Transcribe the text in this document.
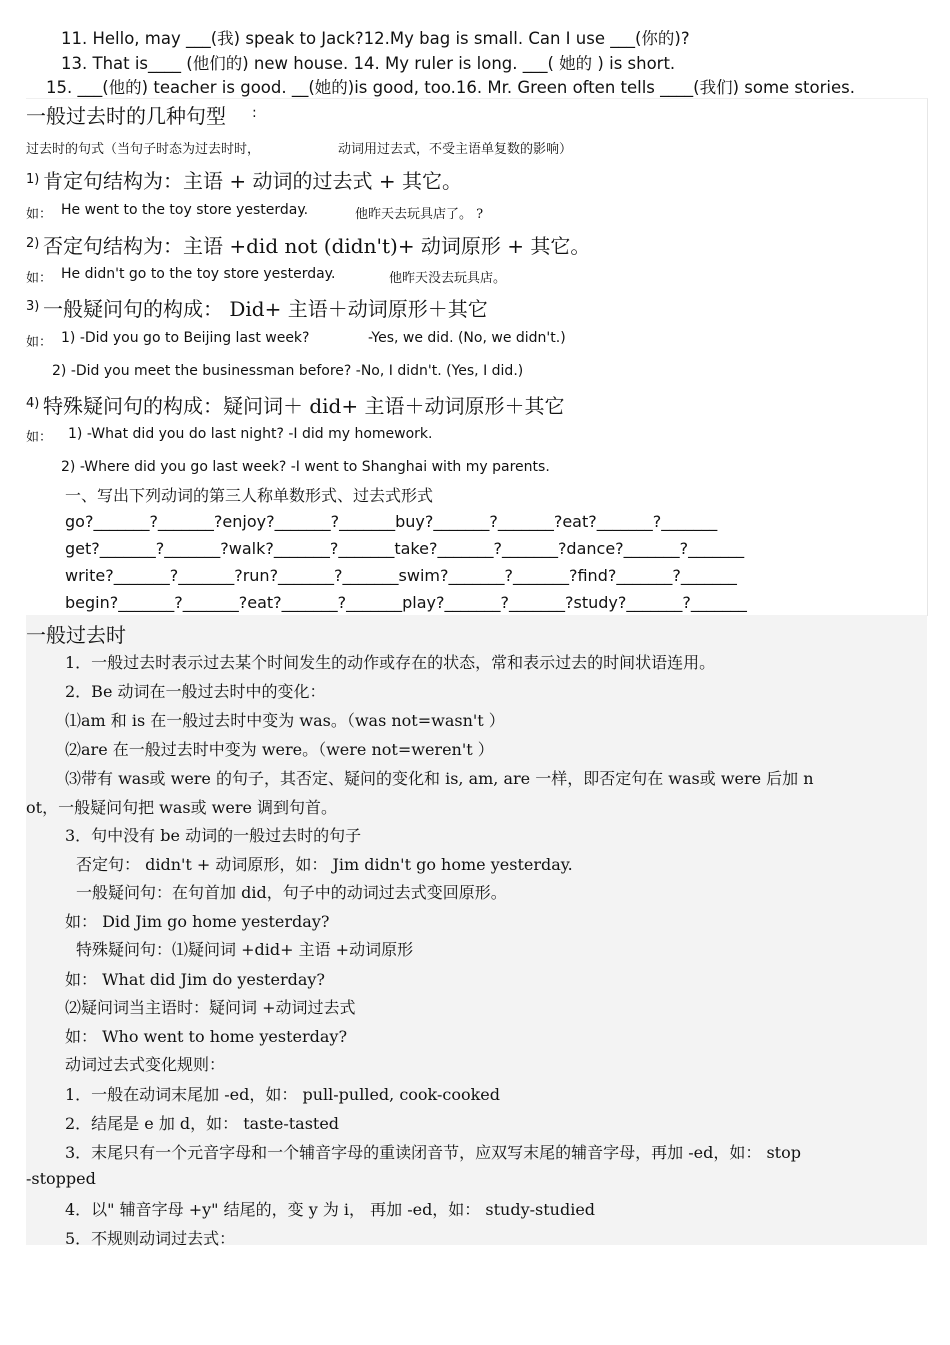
11. Hello, may ___(我) speak to Jack?12.My bag is small. Can I use ___(你的)?
13. That is____ (他们的) new house. 14. My ruler is long. ___( 她的 ) is short.
15. ___(他的) teacher is good. __(她的)is good, too.16. Mr. Green often tells ____(我们) some stories.
一般过去时的几种句型 :
过去时的句式（当句子时态为过去时时，	动词用过去式，不受主语单复数的影响）
1) 肯定句结构为：主语 + 动词的过去式 + 其它。
如： He went to the toy store yesterday.	他昨天去玩具店了。 ?
2) 否定句结构为：主语 +did not (didn't)+ 动词原形 + 其它。
如： He didn't go to the toy store yesterday.	他昨天没去玩具店。
3) 一般疑问句的构成： Did+ 主语＋动词原形＋其它
如： 1) -Did you go to Beijing last week?	-Yes, we did. (No, we didn't.)
2) -Did you meet the businessman before? -No, I didn't. (Yes, I did.)
4) 特殊疑问句的构成：疑问词＋ did+ 主语＋动词原形＋其它
如： 1) -What did you do last night? -I did my homework.
2) -Where did you go last week? -I went to Shanghai with my parents.
一、写出下列动词的第三人称单数形式、过去式形式
go?_______?_______?enjoy?_______?_______buy?_______?_______?eat?_______?_______
get?_______?_______?walk?_______?_______take?_______?_______?dance?_______?_______
write?_______?_______?run?_______?_______swim?_______?_______?find?_______?_______
begin?_______?_______?eat?_______?_______play?_______?_______?study?_______?_______
一般过去时
1．一般过去时表示过去某个时间发生的动作或存在的状态，常和表示过去的时间状语连用。
2．Be 动词在一般过去时中的变化：
⑴am 和 is 在一般过去时中变为 was。（was not=wasn't ）
⑵are 在一般过去时中变为 were。（were not=weren't ）
⑶带有 was或 were 的句子，其否定、疑问的变化和 is, am, are 一样，即否定句在 was或 were 后加 n
ot，一般疑问句把 was或 were 调到句首。
3．句中没有 be 动词的一般过去时的句子
否定句： didn't + 动词原形，如： Jim didn't go home yesterday.
一般疑问句：在句首加 did，句子中的动词过去式变回原形。
如： Did Jim go home yesterday?
特殊疑问句：⑴疑问词 +did+ 主语 +动词原形
如： What did Jim do yesterday?
⑵疑问词当主语时：疑问词 +动词过去式
如： Who went to home yesterday?
动词过去式变化规则：
1．一般在动词末尾加 -ed，如： pull-pulled, cook-cooked
2．结尾是 e 加 d，如： taste-tasted
3．末尾只有一个元音字母和一个辅音字母的重读闭音节，应双写末尾的辅音字母，再加 -ed，如： stop
-stopped
4．以" 辅音字母 +y" 结尾的，变 y 为 i， 再加 -ed，如： study-studied
5．不规则动词过去式：
